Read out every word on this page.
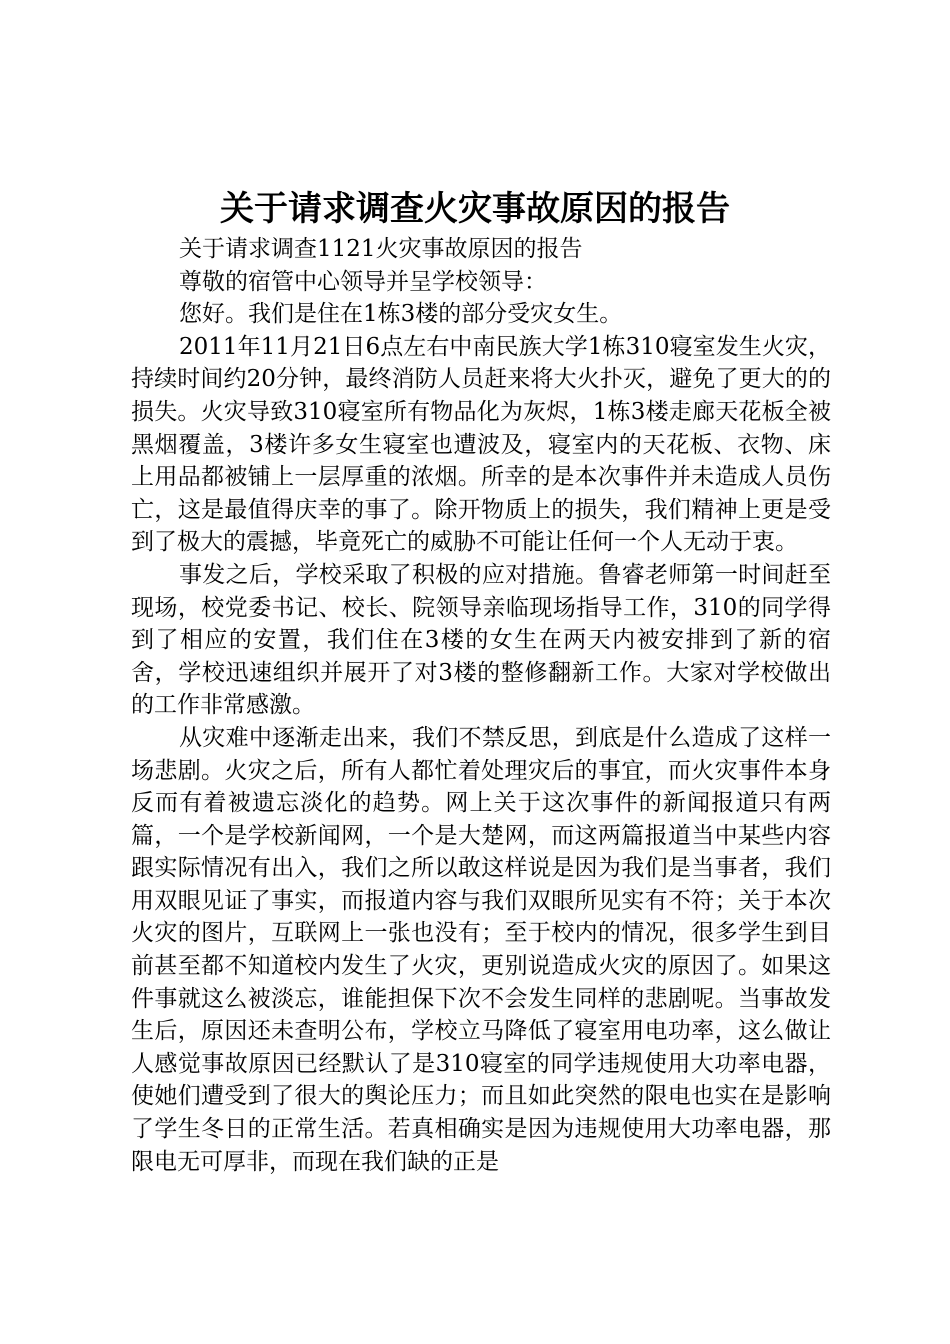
关于请求调查火灾事故原因的报告

关于请求调查1121火灾事故原因的报告

尊敬的宿管中心领导并呈学校领导：

您好。我们是住在1栋3楼的部分受灾女生。

2011年11月21日6点左右中南民族大学1栋310寝室发生火灾，持续时间约20分钟，最终消防人员赶来将大火扑灭，避免了更大的的损失。火灾导致310寝室所有物品化为灰烬，1栋3楼走廊天花板全被黑烟覆盖，3楼许多女生寝室也遭波及，寝室内的天花板、衣物、床上用品都被铺上一层厚重的浓烟。所幸的是本次事件并未造成人员伤亡，这是最值得庆幸的事了。除开物质上的损失，我们精神上更是受到了极大的震撼，毕竟死亡的威胁不可能让任何一个人无动于衷。

事发之后，学校采取了积极的应对措施。鲁睿老师第一时间赶至现场，校党委书记、校长、院领导亲临现场指导工作，310的同学得到了相应的安置，我们住在3楼的女生在两天内被安排到了新的宿舍，学校迅速组织并展开了对3楼的整修翻新工作。大家对学校做出的工作非常感激。

从灾难中逐渐走出来，我们不禁反思，到底是什么造成了这样一场悲剧。火灾之后，所有人都忙着处理灾后的事宜，而火灾事件本身反而有着被遗忘淡化的趋势。网上关于这次事件的新闻报道只有两篇，一个是学校新闻网，一个是大楚网，而这两篇报道当中某些内容跟实际情况有出入，我们之所以敢这样说是因为我们是当事者，我们用双眼见证了事实，而报道内容与我们双眼所见实有不符；关于本次火灾的图片，互联网上一张也没有；至于校内的情况，很多学生到目前甚至都不知道校内发生了火灾，更别说造成火灾的原因了。如果这件事就这么被淡忘，谁能担保下次不会发生同样的悲剧呢。当事故发生后，原因还未查明公布，学校立马降低了寝室用电功率，这么做让人感觉事故原因已经默认了是310寝室的同学违规使用大功率电器，使她们遭受到了很大的舆论压力；而且如此突然的限电也实在是影响了学生冬日的正常生活。若真相确实是因为违规使用大功率电器，那限电无可厚非，而现在我们缺的正是
